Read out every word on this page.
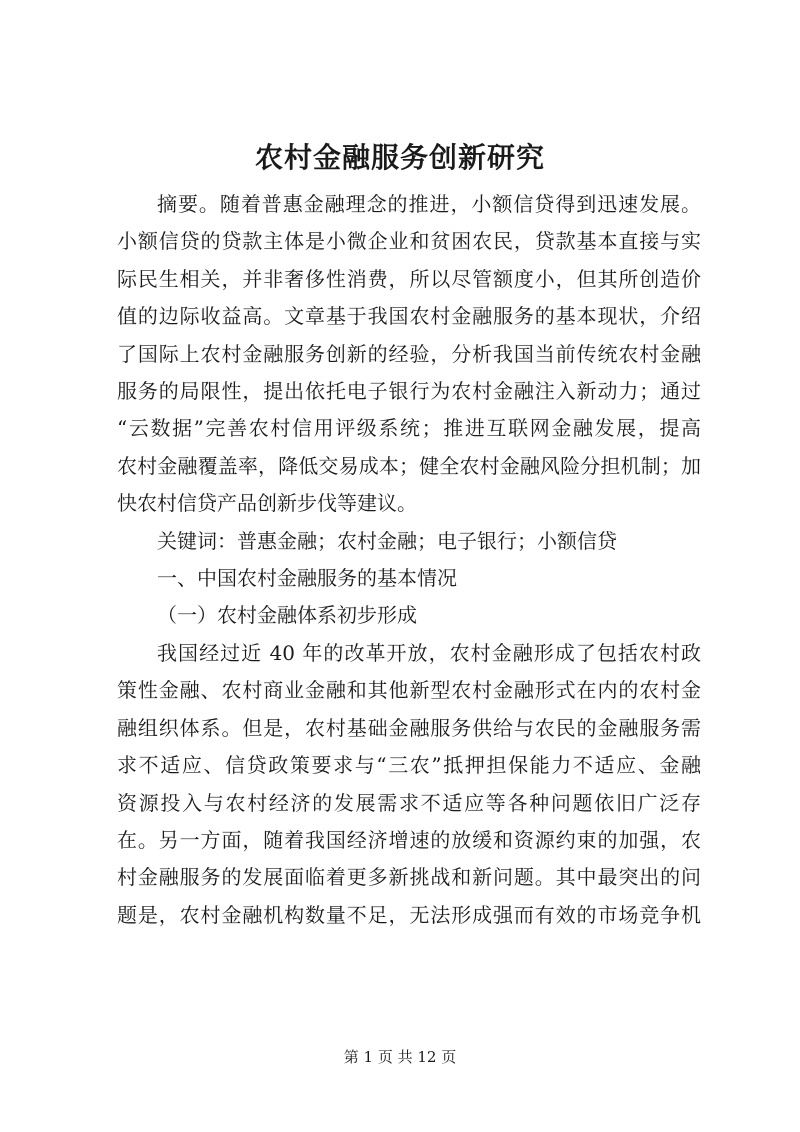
农村金融服务创新研究

摘要。随着普惠金融理念的推进，小额信贷得到迅速发展。
小额信贷的贷款主体是小微企业和贫困农民，贷款基本直接与实
际民生相关，并非奢侈性消费，所以尽管额度小，但其所创造价
值的边际收益高。文章基于我国农村金融服务的基本现状，介绍
了国际上农村金融服务创新的经验，分析我国当前传统农村金融
服务的局限性，提出依托电子银行为农村金融注入新动力；通过
“云数据”完善农村信用评级系统；推进互联网金融发展，提高
农村金融覆盖率，降低交易成本；健全农村金融风险分担机制；加
快农村信贷产品创新步伐等建议。

关键词：普惠金融；农村金融；电子银行；小额信贷

一、中国农村金融服务的基本情况

（一）农村金融体系初步形成

我国经过近 40 年的改革开放，农村金融形成了包括农村政
策性金融、农村商业金融和其他新型农村金融形式在内的农村金
融组织体系。但是，农村基础金融服务供给与农民的金融服务需
求不适应、信贷政策要求与“三农”抵押担保能力不适应、金融
资源投入与农村经济的发展需求不适应等各种问题依旧广泛存
在。另一方面，随着我国经济增速的放缓和资源约束的加强，农
村金融服务的发展面临着更多新挑战和新问题。其中最突出的问
题是，农村金融机构数量不足，无法形成强而有效的市场竞争机

第 1 页 共 12 页
